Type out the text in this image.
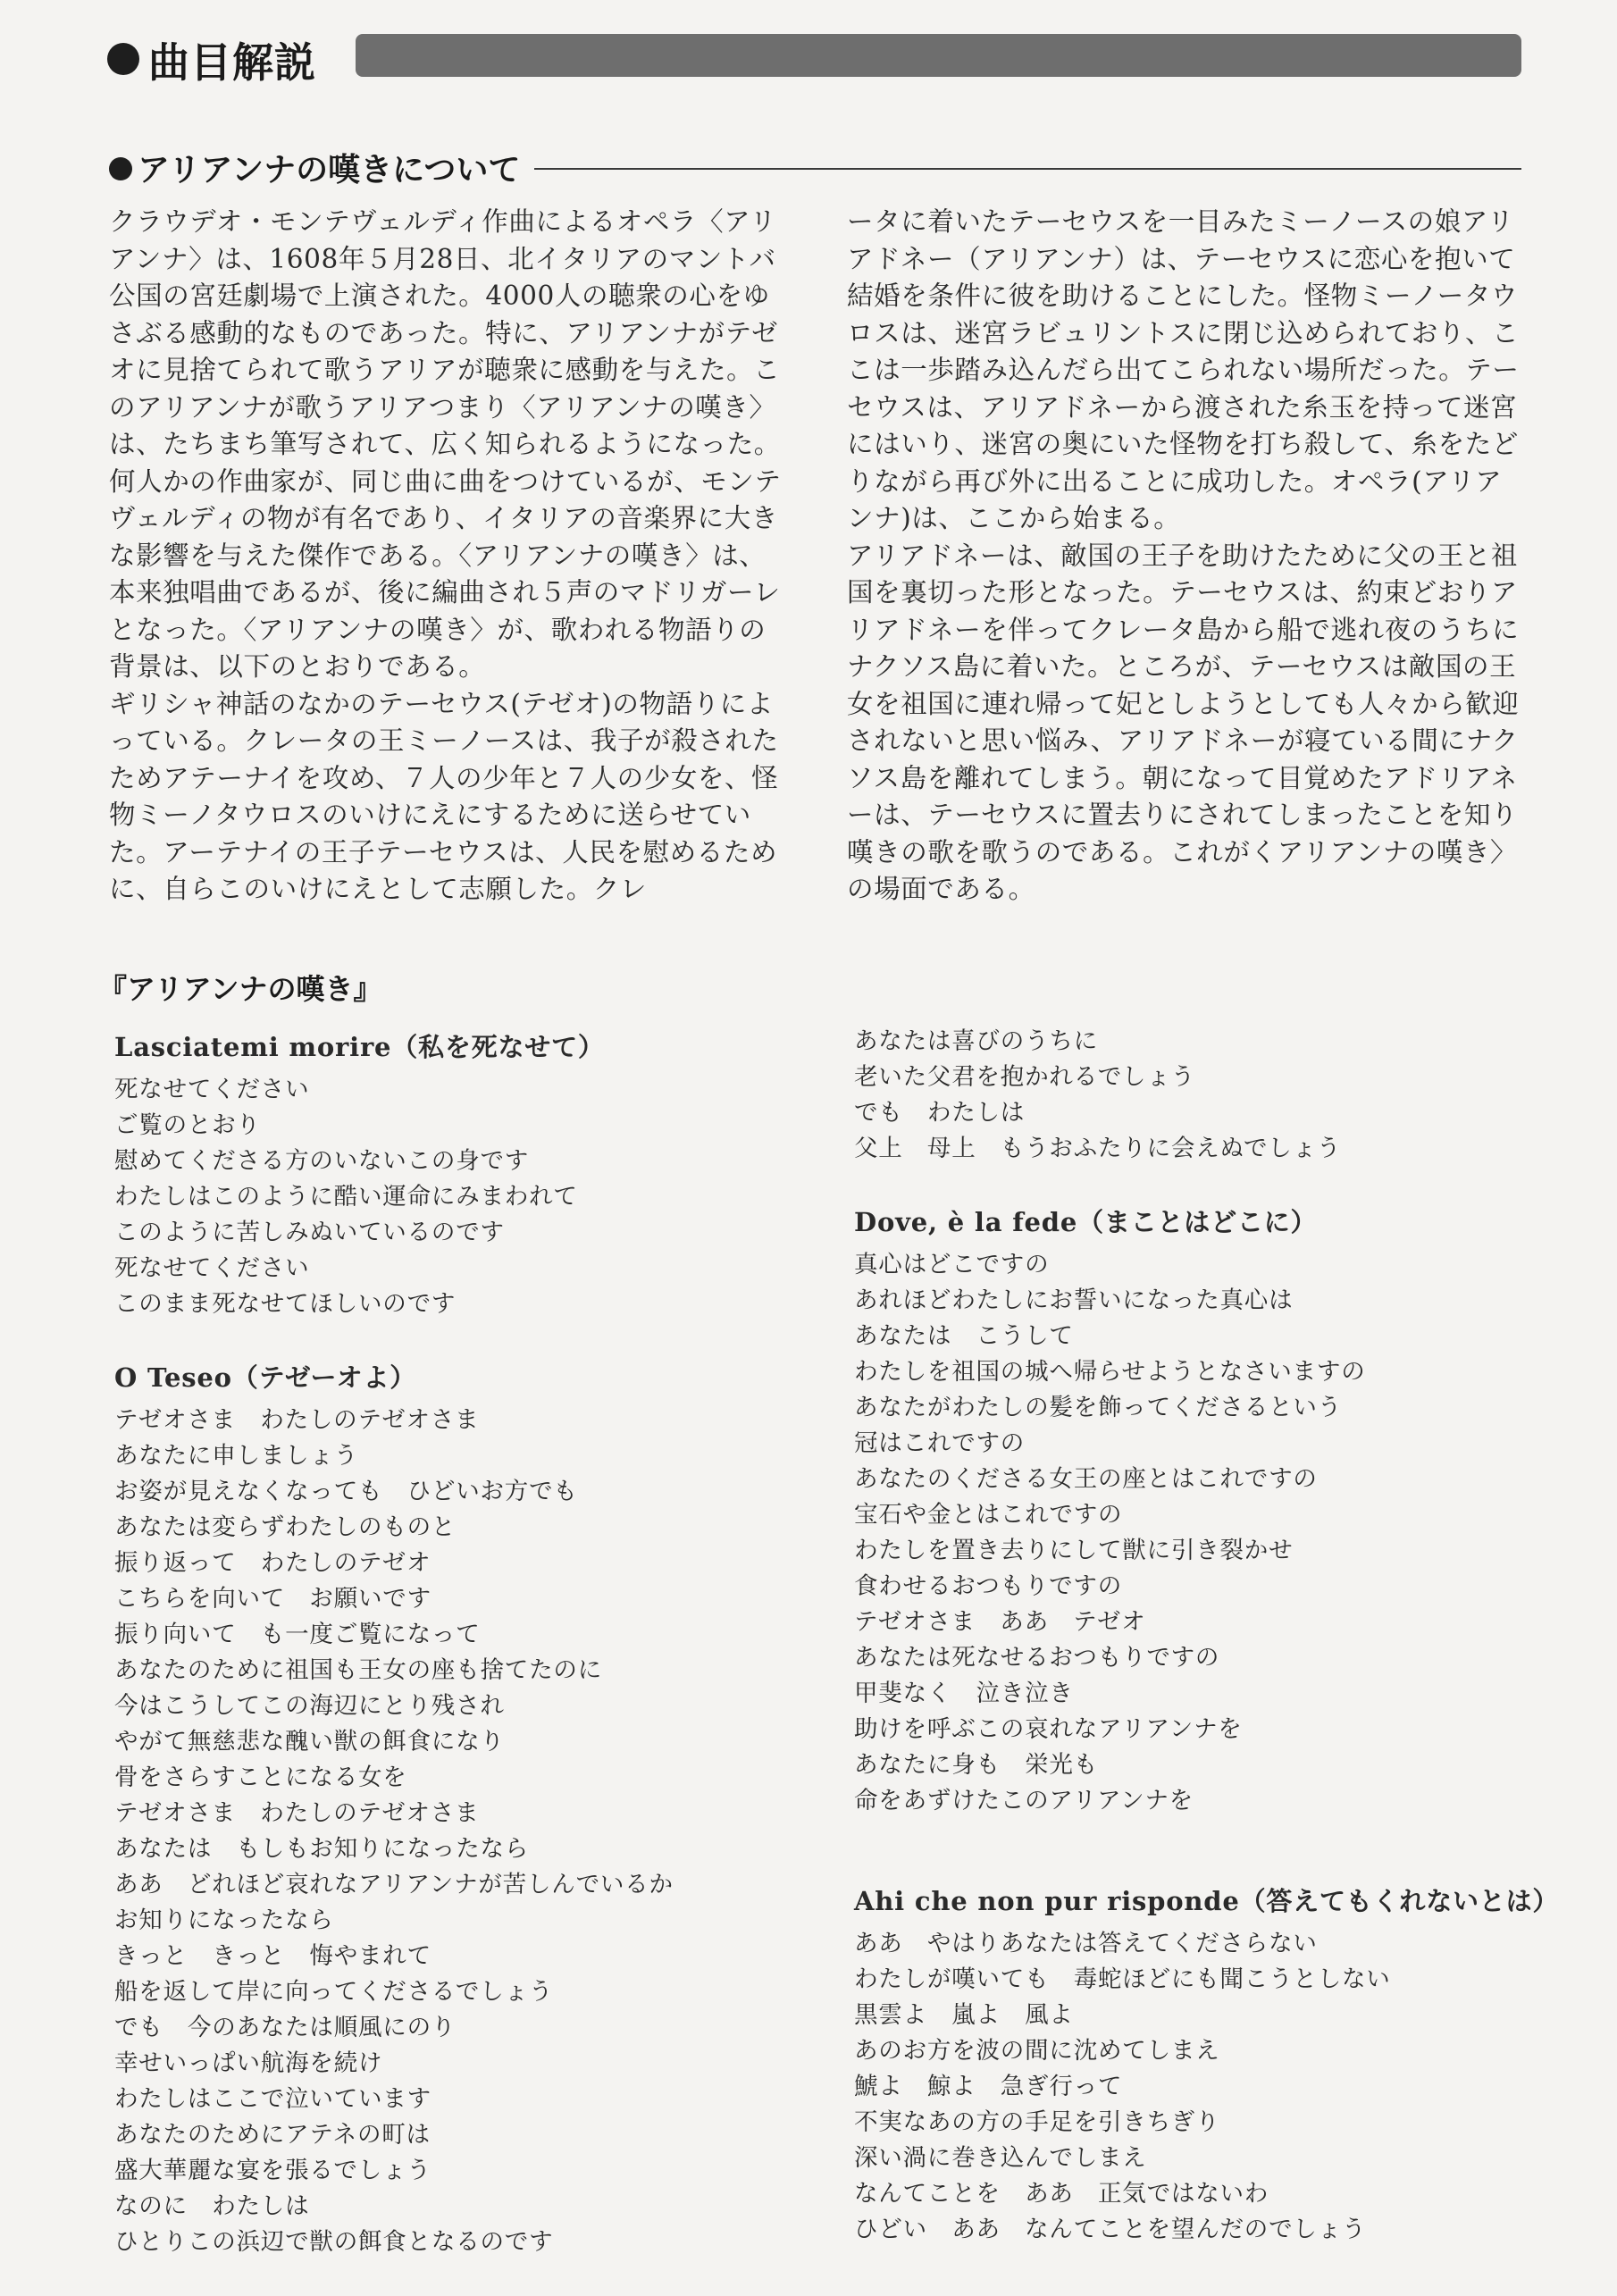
曲目解説
アリアンナの嘆きについて

クラウデオ・モンテヴェルディ作曲によるオペラ〈アリアンナ〉は、1608年５月28日、北イタリアのマントバ公国の宮廷劇場で上演された。4000人の聴衆の心をゆさぶる感動的なものであった。特に、アリアンナがテゼオに見捨てられて歌うアリアが聴衆に感動を与えた。このアリアンナが歌うアリアつまり〈アリアンナの嘆き〉は、たちまち筆写されて、広く知られるようになった。何人かの作曲家が、同じ曲に曲をつけているが、モンテヴェルディの物が有名であり、イタリアの音楽界に大きな影響を与えた傑作である。〈アリアンナの嘆き〉は、本来独唱曲であるが、後に編曲され５声のマドリガーレとなった。〈アリアンナの嘆き〉が、歌われる物語りの背景は、以下のとおりである。

ギリシャ神話のなかのテーセウス(テゼオ)の物語りによっている。クレータの王ミーノースは、我子が殺されたためアテーナイを攻め、７人の少年と７人の少女を、怪物ミーノタウロスのいけにえにするために送らせていた。アーテナイの王子テーセウスは、人民を慰めるために、自らこのいけにえとして志願した。クレ

ータに着いたテーセウスを一目みたミーノースの娘アリアドネー（アリアンナ）は、テーセウスに恋心を抱いて結婚を条件に彼を助けることにした。怪物ミーノータウロスは、迷宮ラビュリントスに閉じ込められており、ここは一歩踏み込んだら出てこられない場所だった。テーセウスは、アリアドネーから渡された糸玉を持って迷宮にはいり、迷宮の奥にいた怪物を打ち殺して、糸をたどりながら再び外に出ることに成功した。オペラ(アリアンナ)は、ここから始まる。

アリアドネーは、敵国の王子を助けたために父の王と祖国を裏切った形となった。テーセウスは、約束どおりアリアドネーを伴ってクレータ島から船で逃れ夜のうちにナクソス島に着いた。ところが、テーセウスは敵国の王女を祖国に連れ帰って妃としようとしても人々から歓迎されないと思い悩み、アリアドネーが寝ている間にナクソス島を離れてしまう。朝になって目覚めたアドリアネーは、テーセウスに置去りにされてしまったことを知り嘆きの歌を歌うのである。これがくアリアンナの嘆き〉の場面である。

『アリアンナの嘆き』
Lasciatemi morire（私を死なせて）
死なせてください
ご覧のとおり
慰めてくださる方のいないこの身です
わたしはこのように酷い運命にみまわれて
このように苦しみぬいているのです
死なせてください
このまま死なせてほしいのです
O Teseo（テゼーオよ）
テゼオさま　わたしのテゼオさま
あなたに申しましょう
お姿が見えなくなっても　ひどいお方でも
あなたは変らずわたしのものと
振り返って　わたしのテゼオ
こちらを向いて　お願いです
振り向いて　も一度ご覧になって
あなたのために祖国も王女の座も捨てたのに
今はこうしてこの海辺にとり残され
やがて無慈悲な醜い獣の餌食になり
骨をさらすことになる女を
テゼオさま　わたしのテゼオさま
あなたは　もしもお知りになったなら
ああ　どれほど哀れなアリアンナが苦しんでいるか
お知りになったなら
きっと　きっと　悔やまれて
船を返して岸に向ってくださるでしょう
でも　今のあなたは順風にのり
幸せいっぱい航海を続け
わたしはここで泣いています
あなたのためにアテネの町は
盛大華麗な宴を張るでしょう
なのに　わたしは
ひとりこの浜辺で獣の餌食となるのです
あなたは喜びのうちに
老いた父君を抱かれるでしょう
でも　わたしは
父上　母上　もうおふたりに会えぬでしょう
Dove, è la fede（まことはどこに）
真心はどこですの
あれほどわたしにお誓いになった真心は
あなたは　こうして
わたしを祖国の城へ帰らせようとなさいますの
あなたがわたしの髪を飾ってくださるという
冠はこれですの
あなたのくださる女王の座とはこれですの
宝石や金とはこれですの
わたしを置き去りにして獣に引き裂かせ
食わせるおつもりですの
テゼオさま　ああ　テゼオ
あなたは死なせるおつもりですの
甲斐なく　泣き泣き
助けを呼ぶこの哀れなアリアンナを
あなたに身も　栄光も
命をあずけたこのアリアンナを
Ahi che non pur risponde（答えてもくれないとは）
ああ　やはりあなたは答えてくださらない
わたしが嘆いても　毒蛇ほどにも聞こうとしない
黒雲よ　嵐よ　風よ
あのお方を波の間に沈めてしまえ
鯱よ　鯨よ　急ぎ行って
不実なあの方の手足を引きちぎり
深い渦に巻き込んでしまえ
なんてことを　ああ　正気ではないわ
ひどい　ああ　なんてことを望んだのでしょう
